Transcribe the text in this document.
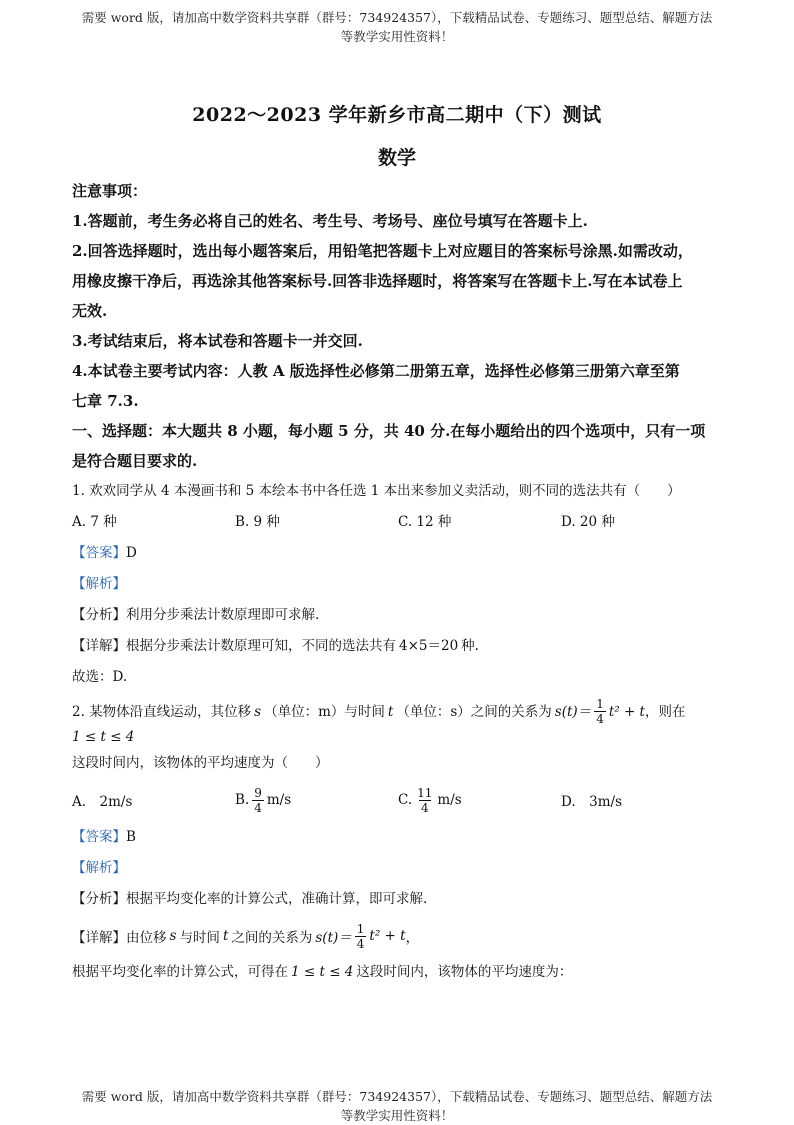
需要 word 版，请加高中数学资料共享群（群号：734924357），下载精品试卷、专题练习、题型总结、解题方法
等教学实用性资料！
2022～2023 学年新乡市高二期中（下）测试
数学
注意事项：
1.答题前，考生务必将自己的姓名、考生号、考场号、座位号填写在答题卡上.
2.回答选择题时，选出每小题答案后，用铅笔把答题卡上对应题目的答案标号涂黑.如需改动，
用橡皮擦干净后，再选涂其他答案标号.回答非选择题时，将答案写在答题卡上.写在本试卷上
无效.
3.考试结束后，将本试卷和答题卡一并交回.
4.本试卷主要考试内容：人教 A 版选择性必修第二册第五章，选择性必修第三册第六章至第
七章 7.3.
一、选择题：本大题共 8 小题，每小题 5 分，共 40 分.在每小题给出的四个选项中，只有一项
是符合题目要求的.
1. 欢欢同学从 4 本漫画书和 5 本绘本书中各任选 1 本出来参加义卖活动，则不同的选法共有（　　）
A. 7 种	B. 9 种	C. 12 种	D. 20 种
【答案】D
【解析】
【分析】利用分步乘法计数原理即可求解.
【详解】根据分步乘法计数原理可知，不同的选法共有 4×5＝20 种.
故选：D.
2. 某物体沿直线运动，其位移 s （单位：m）与时间 t （单位：s）之间的关系为 $s(t)= \frac{1}{4} t^2 + t$ ，则在
1 ≤ t ≤ 4
这段时间内，该物体的平均速度为（　　）
A.　2m/s	B. $\frac{9}{4} m/s$	C. $\frac{11}{4} m/s$	D.　3m/s
【答案】B
【解析】
【分析】根据平均变化率的计算公式，准确计算，即可求解.
【详解】 由位移 s 与时间 t 之间的关系为 $s(t)= \frac{1}{4} t^2 + t$ ，
根据平均变化率的计算公式，可得在 1 ≤ t ≤ 4 这段时间内，该物体的平均速度为：
需要 word 版，请加高中数学资料共享群（群号：734924357），下载精品试卷、专题练习、题型总结、解题方法
等教学实用性资料！
